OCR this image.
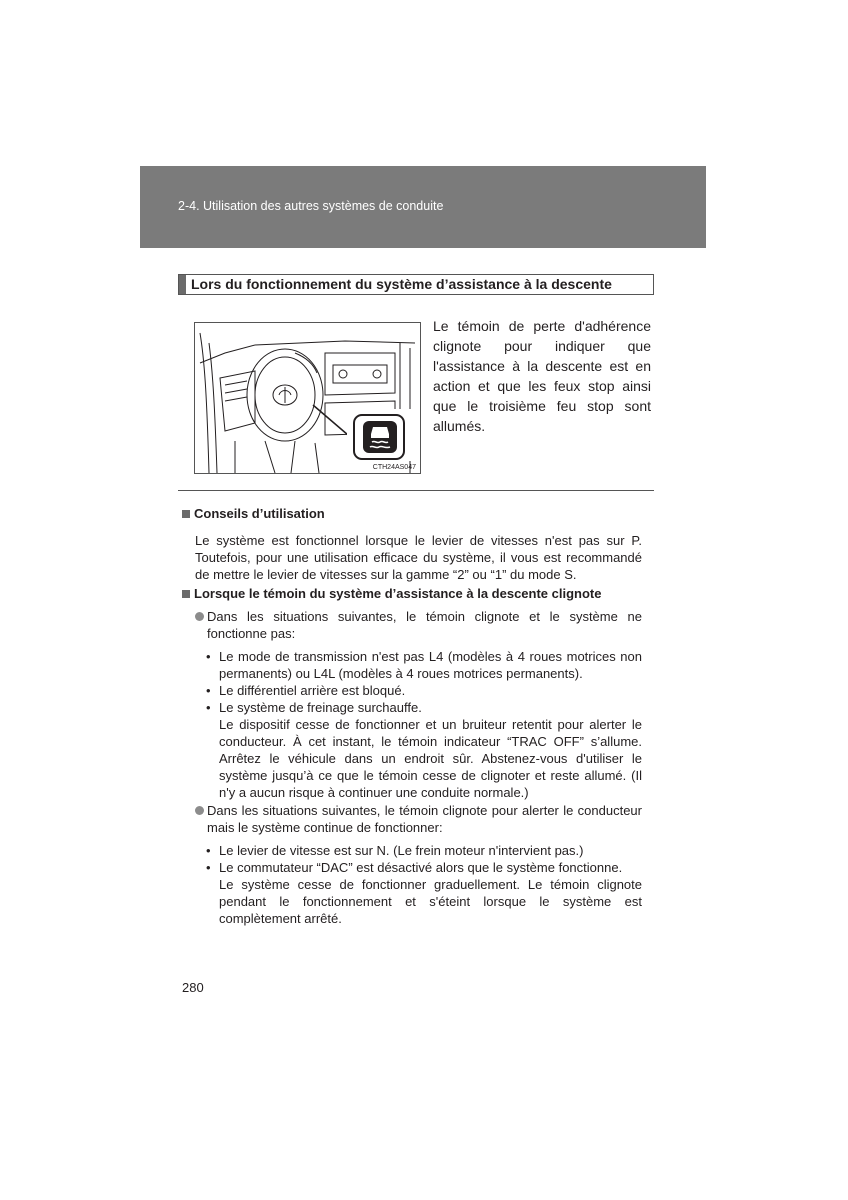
2-4. Utilisation des autres systèmes de conduite
Lors du fonctionnement du système d’assistance à la descente
CTH24AS047
Le témoin de perte d'adhérence clignote pour indiquer que l'assistance à la descente est en action et que les feux stop ainsi que le troisième feu stop sont allumés.
Conseils d’utilisation
Le système est fonctionnel lorsque le levier de vitesses n'est pas sur P. Toutefois, pour une utilisation efficace du système, il vous est recommandé de mettre le levier de vitesses sur la gamme “2” ou “1” du mode S.
Lorsque le témoin du système d’assistance à la descente clignote
Dans les situations suivantes, le témoin clignote et le système ne fonctionne pas:
• Le mode de transmission n'est pas L4 (modèles à 4 roues motrices non permanents) ou L4L (modèles à 4 roues motrices permanents).
• Le différentiel arrière est bloqué.
• Le système de freinage surchauffe.
Le dispositif cesse de fonctionner et un bruiteur retentit pour alerter le conducteur. À cet instant, le témoin indicateur “TRAC OFF” s’allume. Arrêtez le véhicule dans un endroit sûr. Abstenez-vous d'utiliser le système jusqu’à ce que le témoin cesse de clignoter et reste allumé. (Il n'y a aucun risque à continuer une conduite normale.)
Dans les situations suivantes, le témoin clignote pour alerter le conducteur mais le système continue de fonctionner:
• Le levier de vitesse est sur N. (Le frein moteur n'intervient pas.)
• Le commutateur “DAC” est désactivé alors que le système fonctionne.
Le système cesse de fonctionner graduellement. Le témoin clignote pendant le fonctionnement et s'éteint lorsque le système est complètement arrêté.
280
